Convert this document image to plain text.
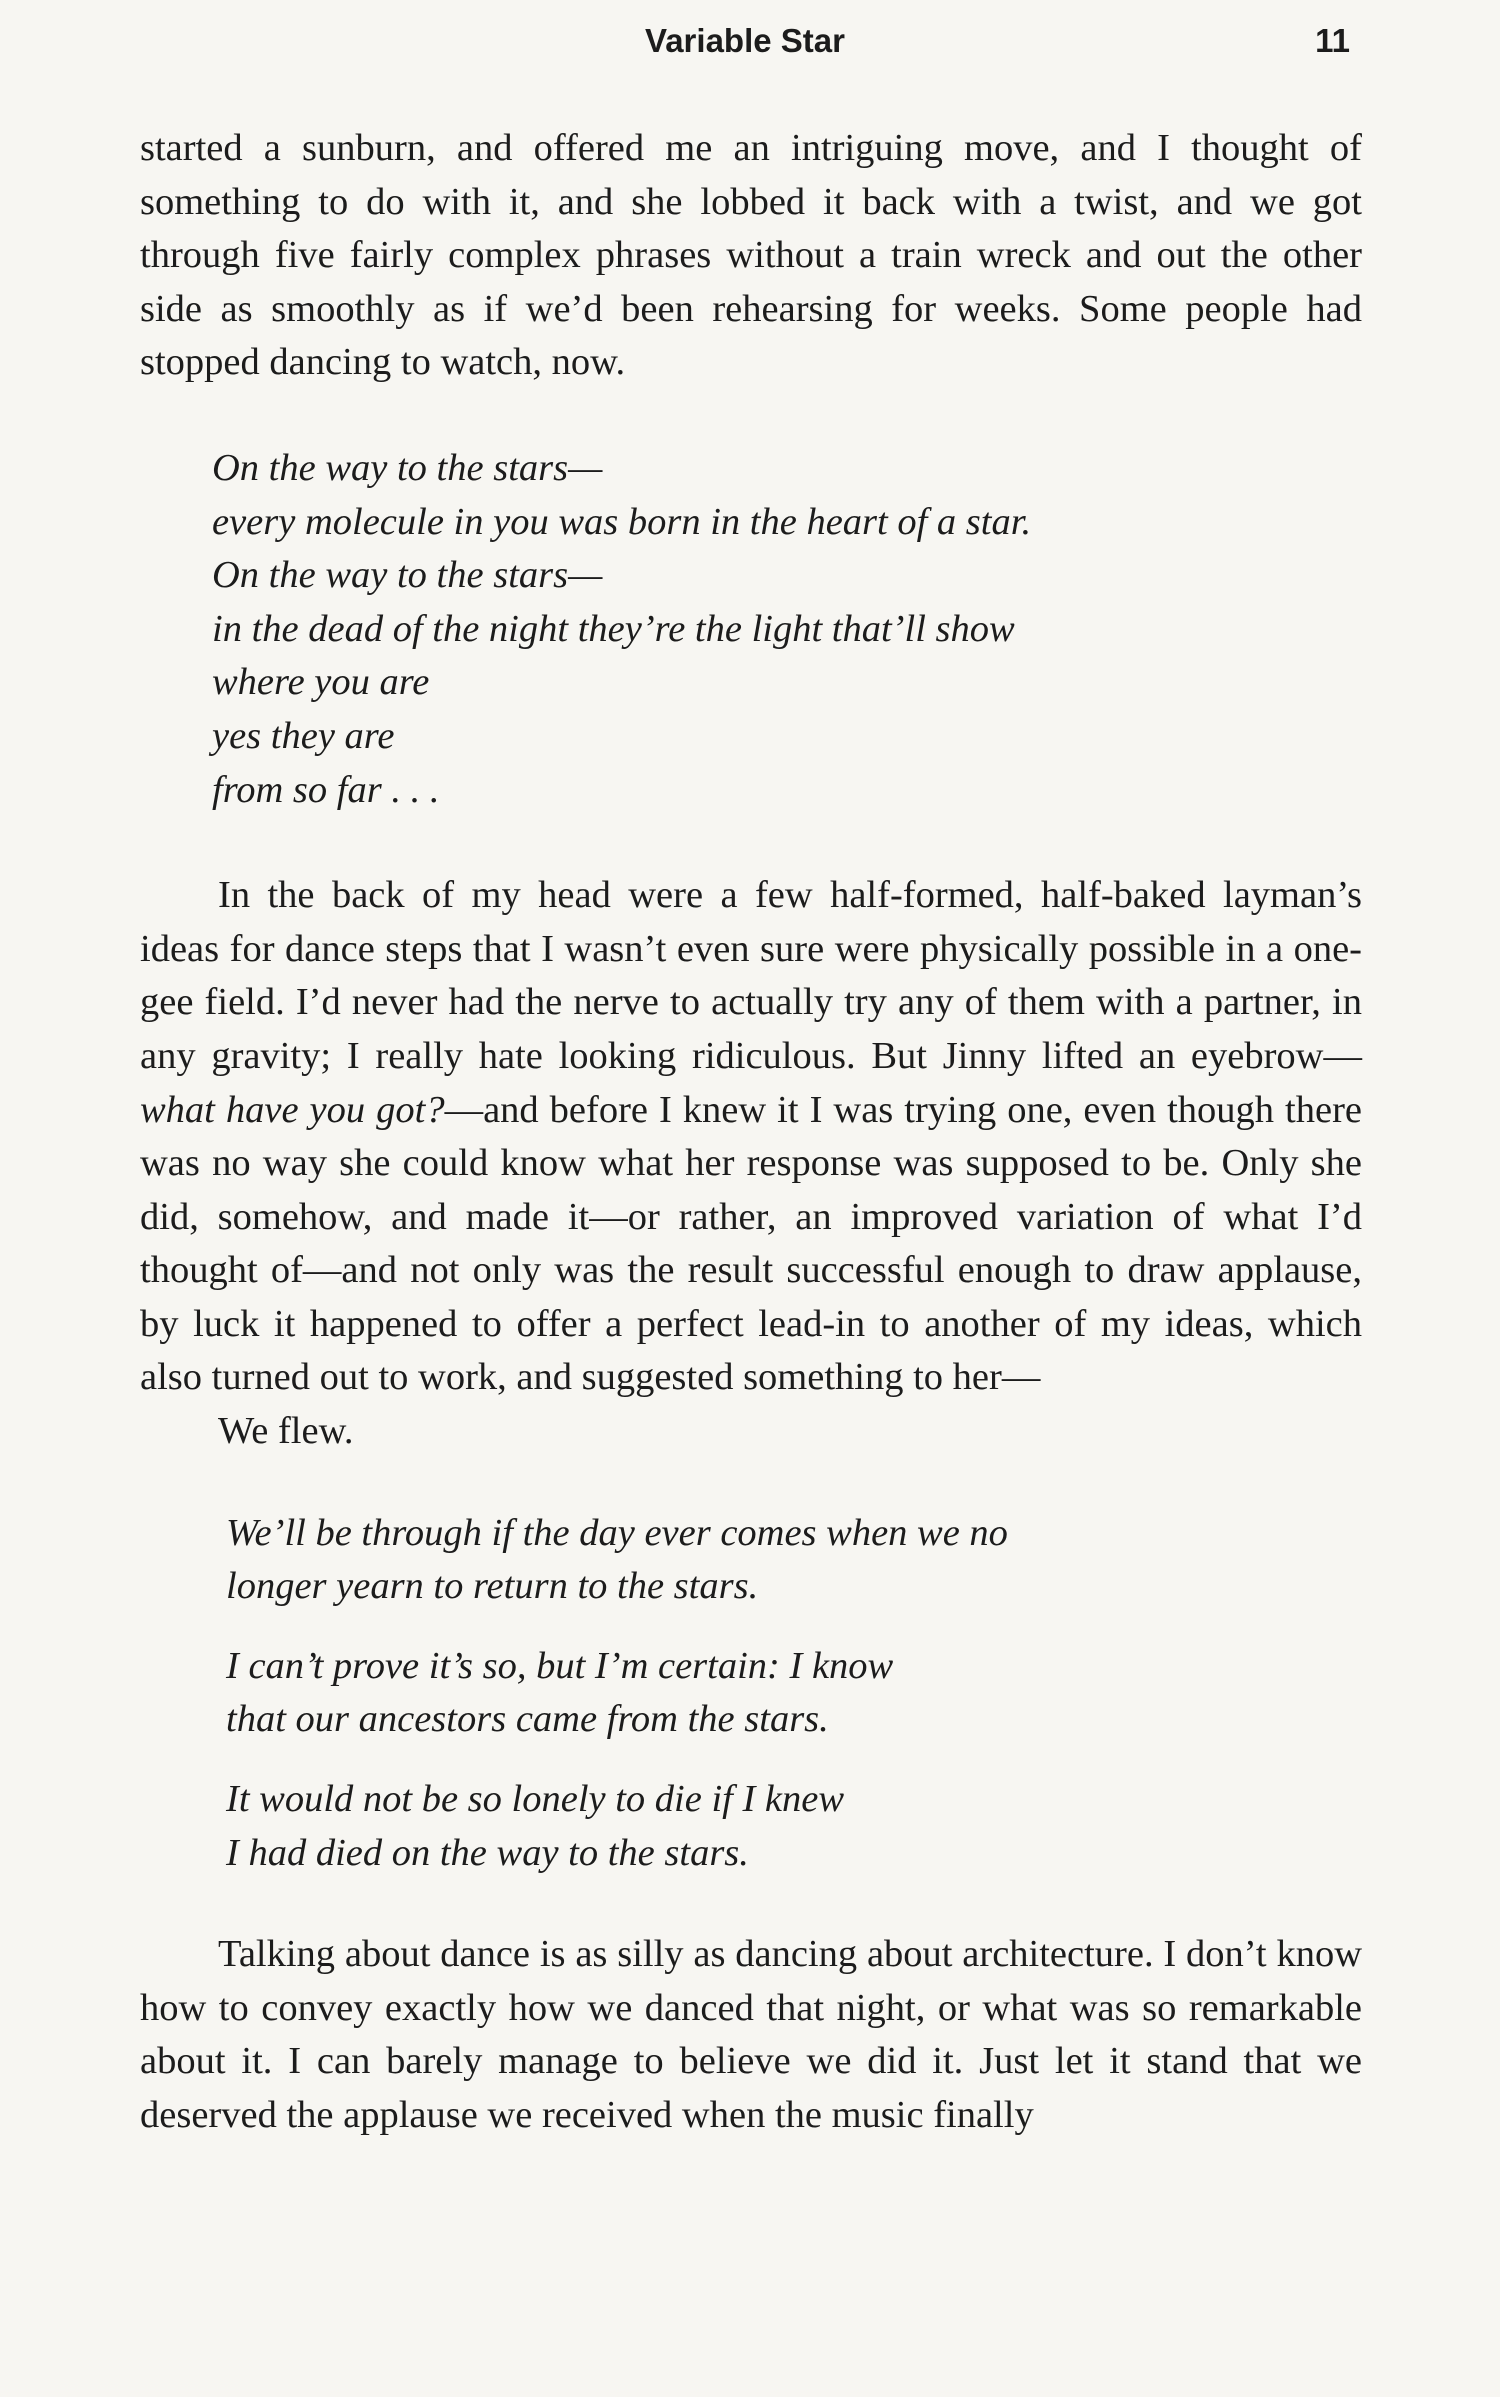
Variable Star	11

started a sunburn, and offered me an intriguing move, and I thought of something to do with it, and she lobbed it back with a twist, and we got through five fairly complex phrases without a train wreck and out the other side as smoothly as if we’d been rehearsing for weeks. Some people had stopped dancing to watch, now.

On the way to the stars—
every molecule in you was born in the heart of a star.
On the way to the stars—
in the dead of the night they’re the light that’ll show
where you are
yes they are
from so far . . .

In the back of my head were a few half-formed, half-baked layman’s ideas for dance steps that I wasn’t even sure were physically possible in a one-gee field. I’d never had the nerve to actually try any of them with a partner, in any gravity; I really hate looking ridiculous. But Jinny lifted an eyebrow—what have you got?—and before I knew it I was trying one, even though there was no way she could know what her response was supposed to be. Only she did, somehow, and made it—or rather, an improved variation of what I’d thought of—and not only was the result successful enough to draw applause, by luck it happened to offer a perfect lead-in to another of my ideas, which also turned out to work, and suggested something to her—

We flew.

We’ll be through if the day ever comes when we no
longer yearn to return to the stars.
I can’t prove it’s so, but I’m certain: I know
that our ancestors came from the stars.
It would not be so lonely to die if I knew
I had died on the way to the stars.

Talking about dance is as silly as dancing about architecture. I don’t know how to convey exactly how we danced that night, or what was so remarkable about it. I can barely manage to believe we did it. Just let it stand that we deserved the applause we received when the music finally
